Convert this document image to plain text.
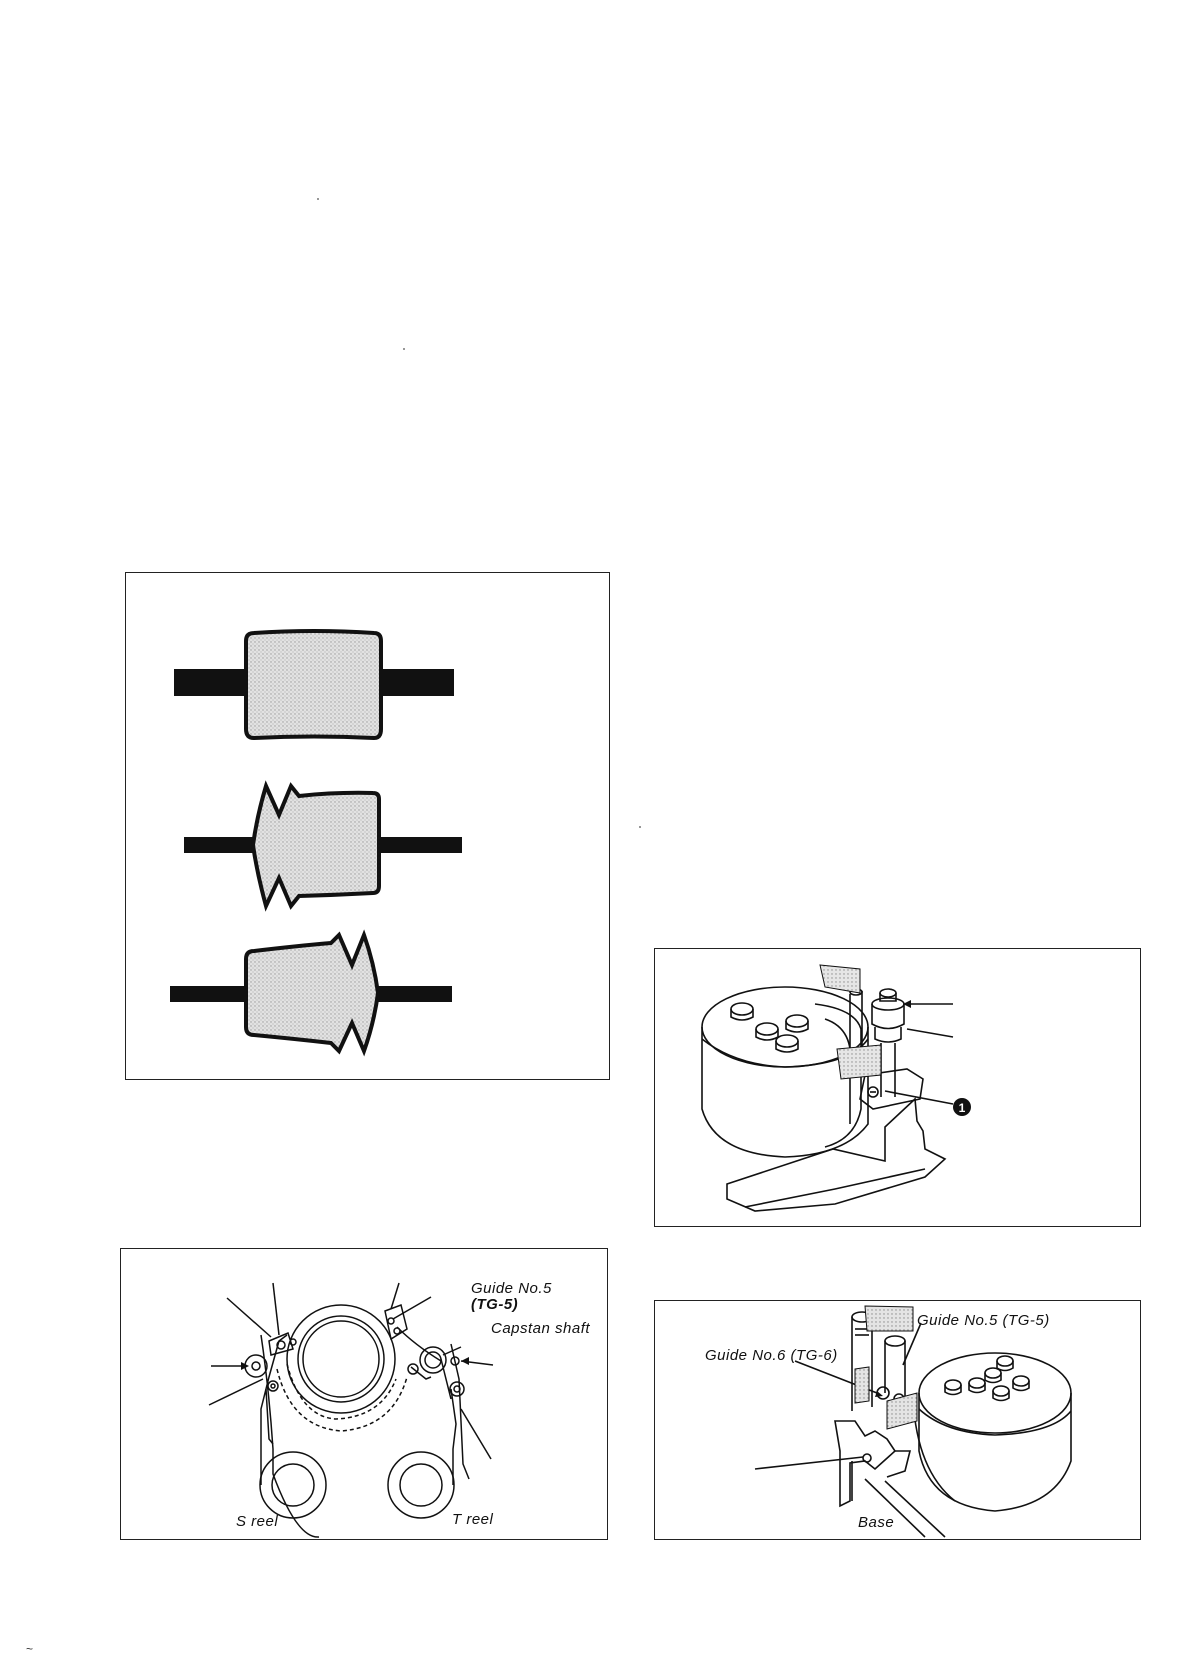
1
Guide No.5
(TG-5)
Capstan shaft
S reel	T reel
Guide No.5 (TG-5)
Guide No.6 (TG-6)
Base
~
